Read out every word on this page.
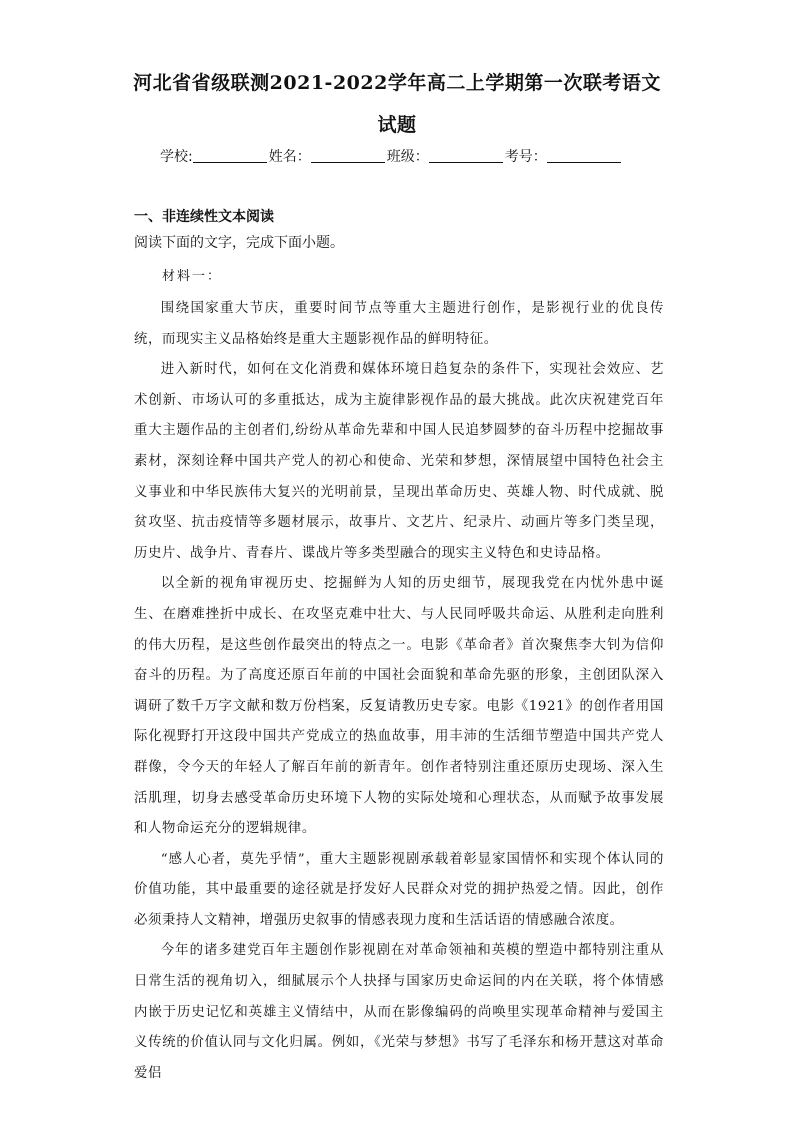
河北省省级联测2021-2022学年高二上学期第一次联考语文
试题
学校:	姓名：	班级：	考号：
一、非连续性文本阅读
阅读下面的文字，完成下面小题。
材料一：

围绕国家重大节庆，重要时间节点等重大主题进行创作，是影视行业的优良传统，而现实主义品格始终是重大主题影视作品的鲜明特征。

进入新时代，如何在文化消费和媒体环境日趋复杂的条件下，实现社会效应、艺术创新、市场认可的多重抵达，成为主旋律影视作品的最大挑战。此次庆祝建党百年重大主题作品的主创者们,纷纷从革命先辈和中国人民追梦圆梦的奋斗历程中挖掘故事素材，深刻诠释中国共产党人的初心和使命、光荣和梦想，深情展望中国特色社会主义事业和中华民族伟大复兴的光明前景，呈现出革命历史、英雄人物、时代成就、脱贫攻坚、抗击疫情等多题材展示，故事片、文艺片、纪录片、动画片等多门类呈现，历史片、战争片、青春片、谍战片等多类型融合的现实主义特色和史诗品格。

以全新的视角审视历史、挖掘鲜为人知的历史细节，展现我党在内忧外患中诞生、在磨难挫折中成长、在攻坚克难中壮大、与人民同呼吸共命运、从胜利走向胜利的伟大历程，是这些创作最突出的特点之一。电影《革命者》首次聚焦李大钊为信仰奋斗的历程。为了高度还原百年前的中国社会面貌和革命先驱的形象，主创团队深入调研了数千万字文献和数万份档案，反复请教历史专家。电影《1921》的创作者用国际化视野打开这段中国共产党成立的热血故事，用丰沛的生活细节塑造中国共产党人群像，令今天的年轻人了解百年前的新青年。创作者特别注重还原历史现场、深入生活肌理，切身去感受革命历史环境下人物的实际处境和心理状态，从而赋予故事发展和人物命运充分的逻辑规律。

“感人心者，莫先乎情”，重大主题影视剧承载着彰显家国情怀和实现个体认同的价值功能，其中最重要的途径就是抒发好人民群众对党的拥护热爱之情。因此，创作必须秉持人文精神，增强历史叙事的情感表现力度和生活话语的情感融合浓度。

今年的诸多建党百年主题创作影视剧在对革命领袖和英模的塑造中都特别注重从日常生活的视角切入，细腻展示个人抉择与国家历史命运间的内在关联，将个体情感内嵌于历史记忆和英雄主义情结中，从而在影像编码的尚唤里实现革命精神与爱国主义传统的价值认同与文化归属。例如，《光荣与梦想》书写了毛泽东和杨开慧这对革命爱侣
